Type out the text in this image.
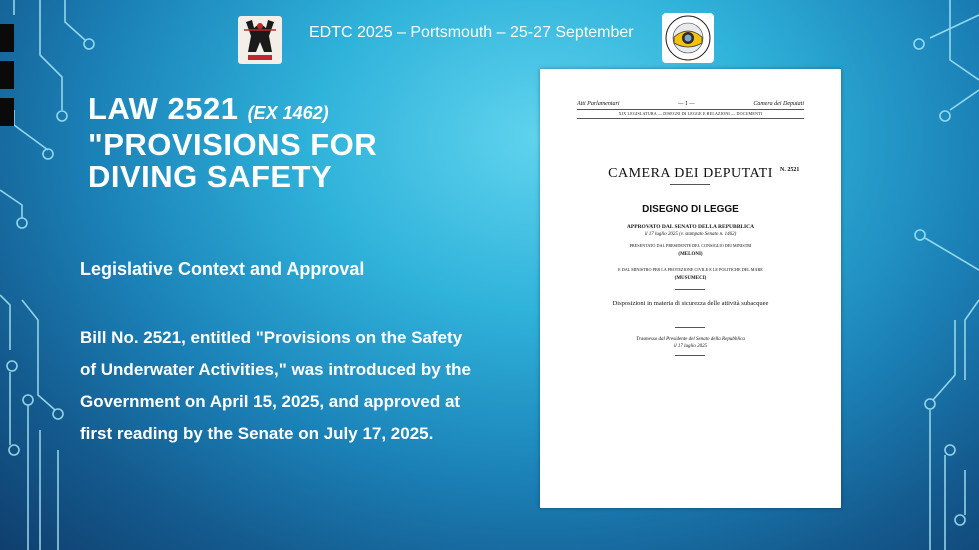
EDTC 2025 – Portsmouth – 25-27 September
LAW 2521 (EX 1462)
"PROVISIONS FOR DIVING SAFETY
Legislative Context and Approval
Bill No. 2521, entitled "Provisions on the Safety of Underwater Activities," was introduced by the Government on April 15, 2025, and approved at first reading by the Senate on July 17, 2025.
Atti Parlamentari	— 1 —	Camera dei Deputati
XIX LEGISLATURA — DISEGNI DI LEGGE E RELAZIONI — DOCUMENTI
CAMERA DEI DEPUTATI	N. 2521
DISEGNO DI LEGGE
APPROVATO DAL SENATO DELLA REPUBBLICA
il 17 luglio 2025 (v. stampato Senato n. 1462)
PRESENTATO DAL PRESIDENTE DEL CONSIGLIO DEI MINISTRI
(MELONI)
E DAL MINISTRO PER LA PROTEZIONE CIVILE E LE POLITICHE DEL MARE
(MUSUMECI)
Disposizioni in materia di sicurezza delle attività subacquee
Trasmesso dal Presidente del Senato della Repubblica
il 17 luglio 2025
